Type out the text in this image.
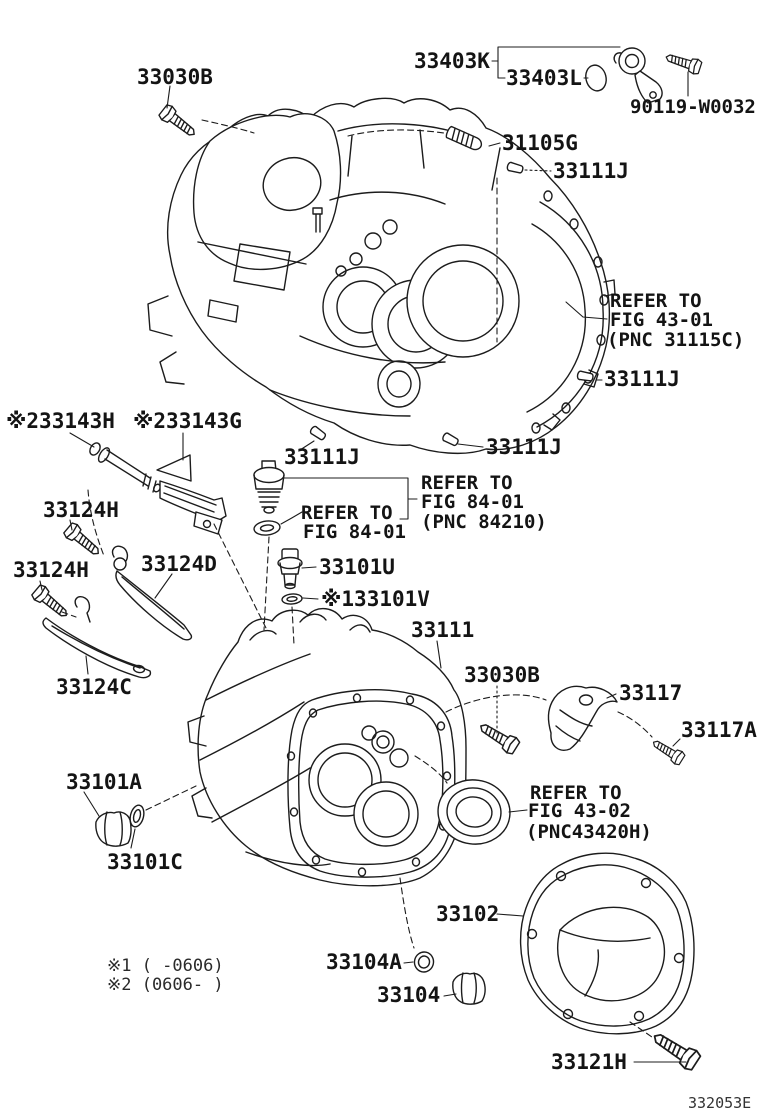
33030B
33403K
33403L
90119-W0032
31105G
33111J
REFER TO
FIG 43-01
(PNC 31115C)
33111J
※233143H ※233143G
33111J	33111J
REFER TO
FIG 84-01
(PNC 84210)
REFER TO
FIG 84-01
33124H
33124H 33124D	33101U
※133101V
33111
33124C	33030B
33117
33117A
33101A
33101C
REFER TO
FIG 43-02
(PNC43420H)
33102
33104A
33104
※1 ( -0606)
※2 (0606- )
33121H
332053E
